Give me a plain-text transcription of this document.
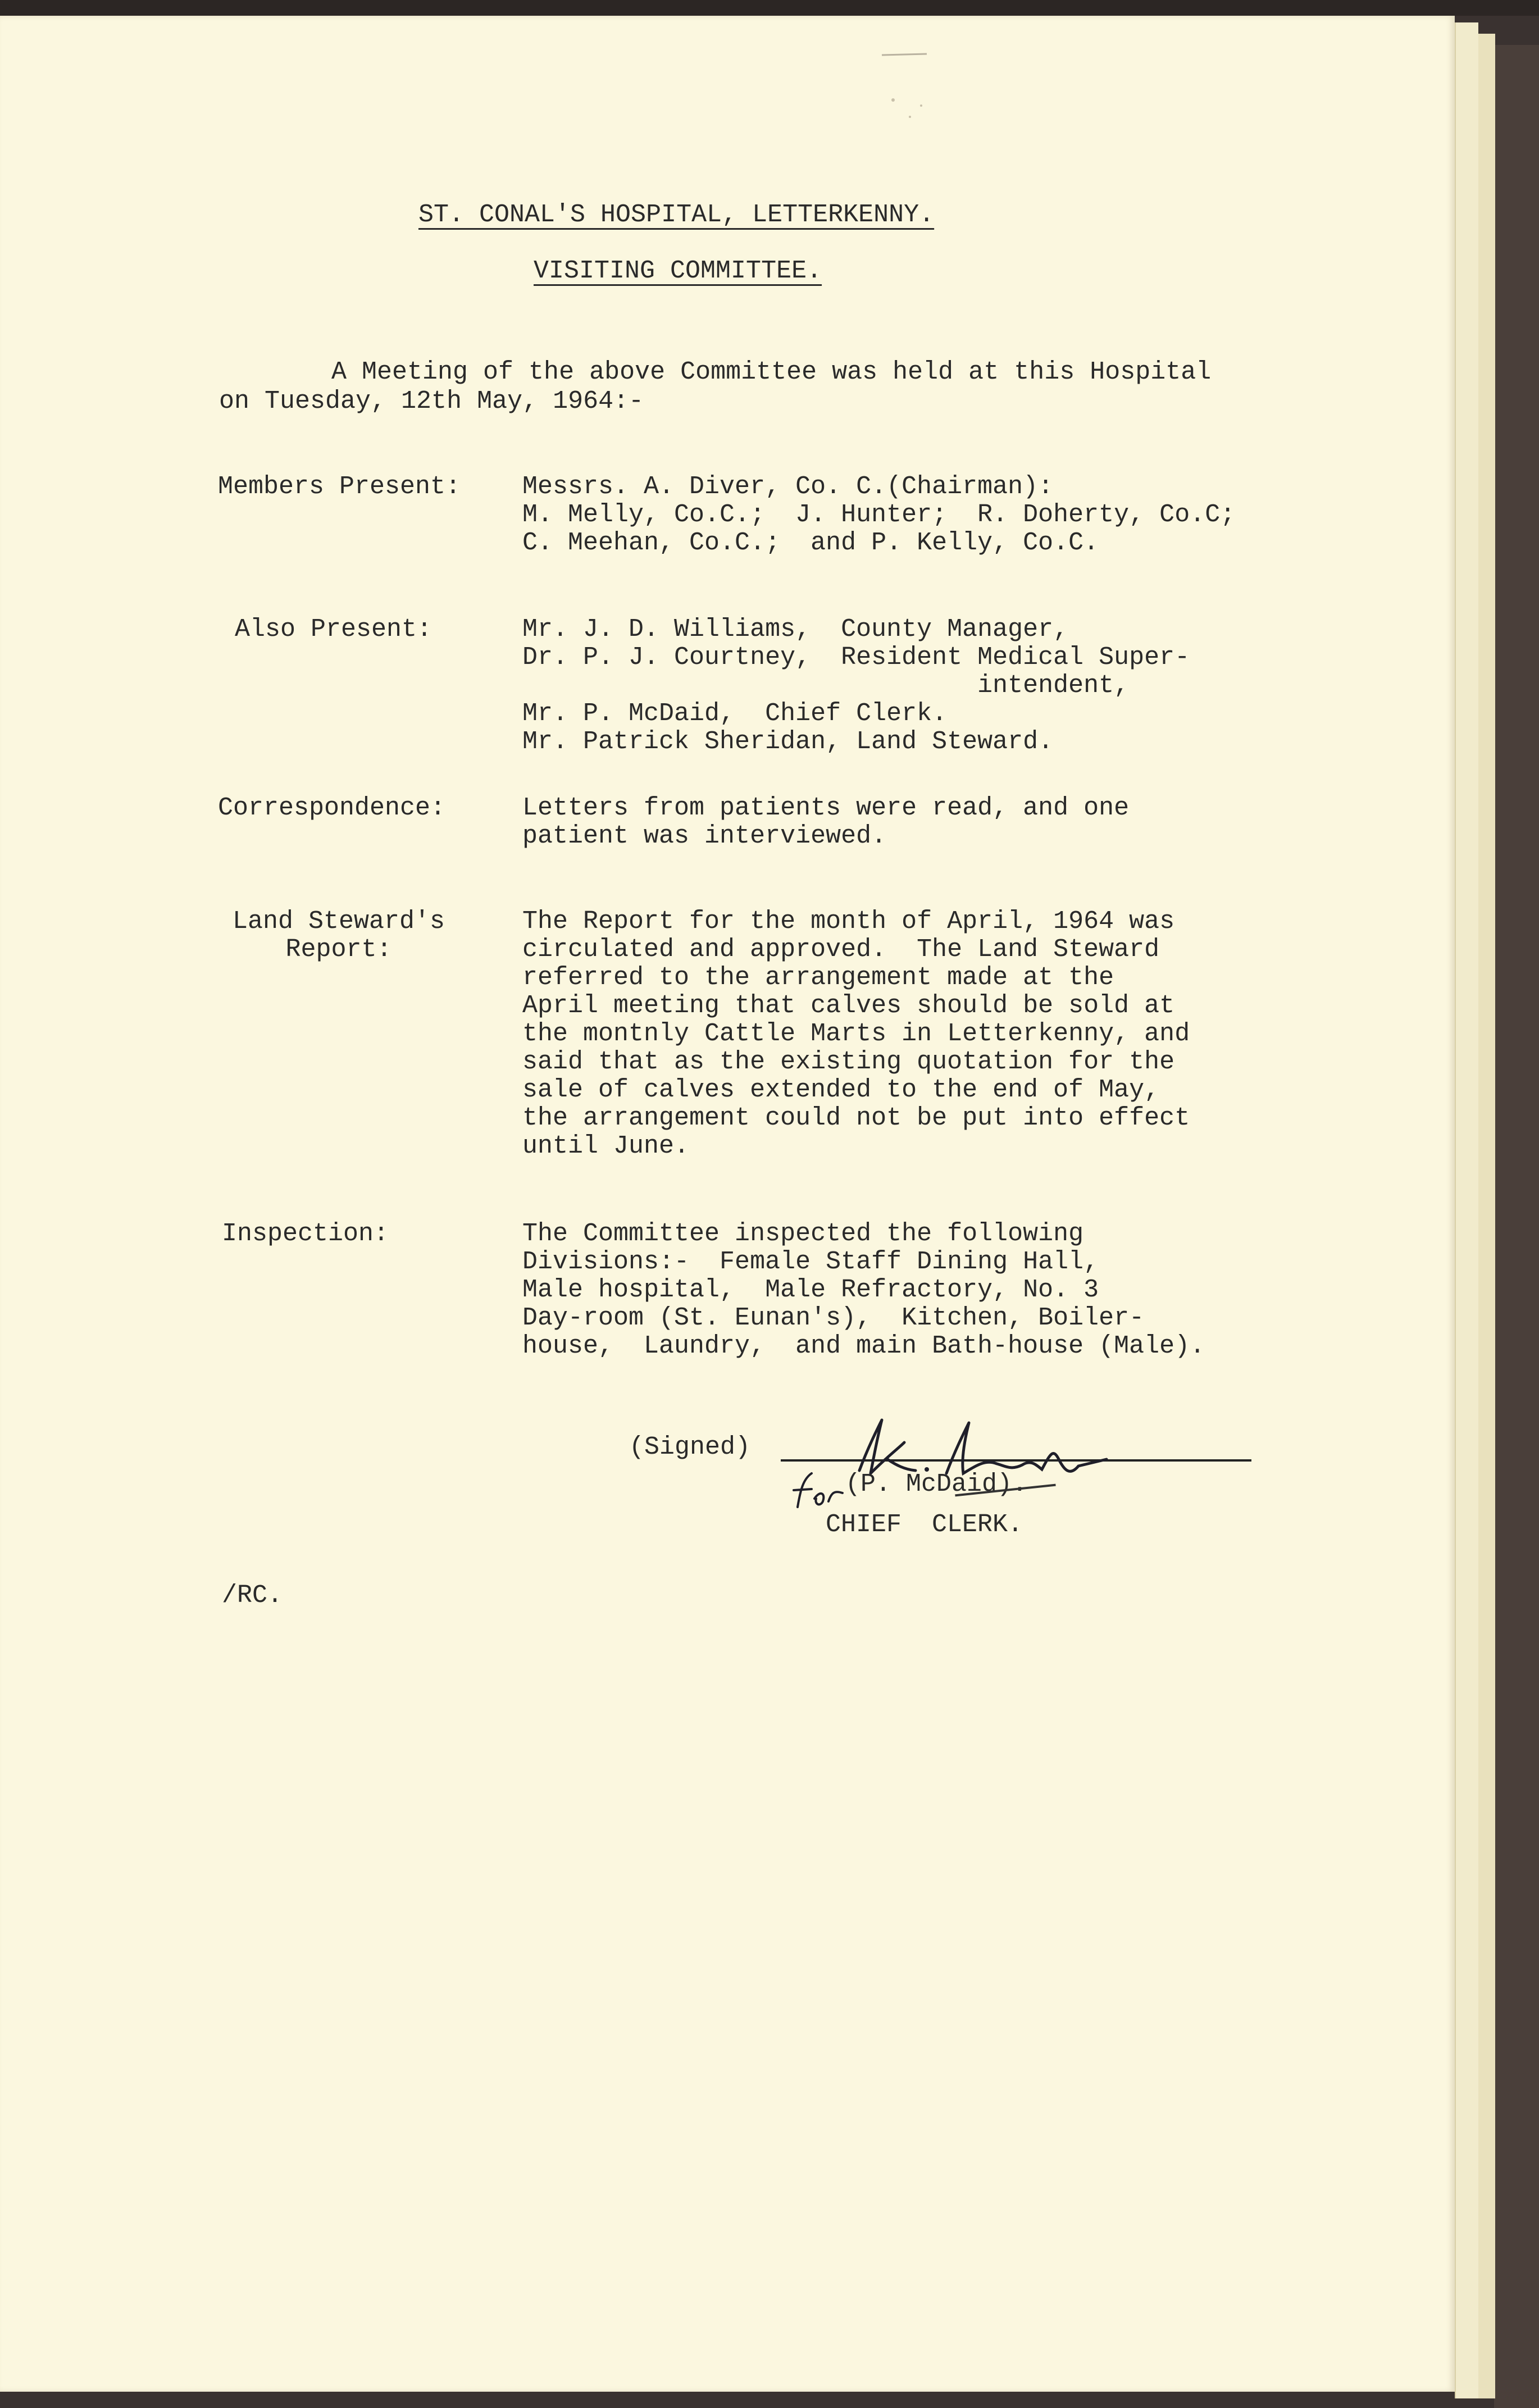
ST. CONAL'S HOSPITAL, LETTERKENNY.

VISITING COMMITTEE.

A Meeting of the above Committee was held at this Hospital

on Tuesday, 12th May, 1964:-

Members Present: Messrs. A. Diver, Co. C.(Chairman):

M. Melly, Co.C.;  J. Hunter;  R. Doherty, Co.C;

C. Meehan, Co.C.;  and P. Kelly, Co.C.

Also Present:	Mr. J. D. Williams,  County Manager,

Dr. P. J. Courtney,  Resident Medical Super-

intendent,

Mr. P. McDaid,  Chief Clerk.

Mr. Patrick Sheridan, Land Steward.

Correspondence:	Letters from patients were read, and one

patient was interviewed.

Land Steward's
Report:

The Report for the month of April, 1964 was

circulated and approved.  The Land Steward

referred to the arrangement made at the

April meeting that calves should be sold at

the montnly Cattle Marts in Letterkenny, and

said that as the existing quotation for the

sale of calves extended to the end of May,

the arrangement could not be put into effect

until June.

Inspection:	The Committee inspected the following

Divisions:-  Female Staff Dining Hall,

Male hospital,  Male Refractory, No. 3

Day-room (St. Eunan's),  Kitchen, Boiler-

house,  Laundry,  and main Bath-house (Male).

(Signed)

(P. McDaid).

CHIEF  CLERK.

/RC.
